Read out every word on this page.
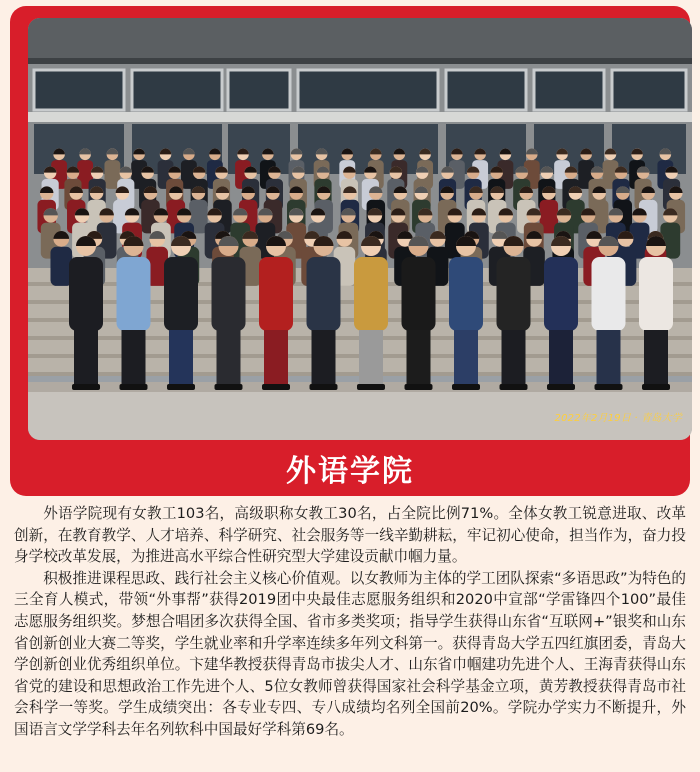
2022年2月19日 · 青岛大学
外语学院

外语学院现有女教工103名，高级职称女教工30名，占全院比例71%。全体女教工锐意进取、改革创新，在教育教学、人才培养、科学研究、社会服务等一线辛勤耕耘，牢记初心使命，担当作为，奋力投身学校改革发展，为推进高水平综合性研究型大学建设贡献巾帼力量。

积极推进课程思政、践行社会主义核心价值观。以女教师为主体的学工团队探索“多语思政”为特色的三全育人模式，带领“外事帮”获得2019团中央最佳志愿服务组织和2020中宣部“学雷锋四个100”最佳志愿服务组织奖。梦想合唱团多次获得全国、省市多类奖项；指导学生获得山东省“互联网+”银奖和山东省创新创业大赛二等奖，学生就业率和升学率连续多年列文科第一。获得青岛大学五四红旗团委，青岛大学创新创业优秀组织单位。卞建华教授获得青岛市拔尖人才、山东省巾帼建功先进个人、王海青获得山东省党的建设和思想政治工作先进个人、5位女教师曾获得国家社会科学基金立项，黄芳教授获得青岛市社会科学一等奖。学生成绩突出：各专业专四、专八成绩均名列全国前20%。学院办学实力不断提升，外国语言文学学科去年名列软科中国最好学科第69名。
